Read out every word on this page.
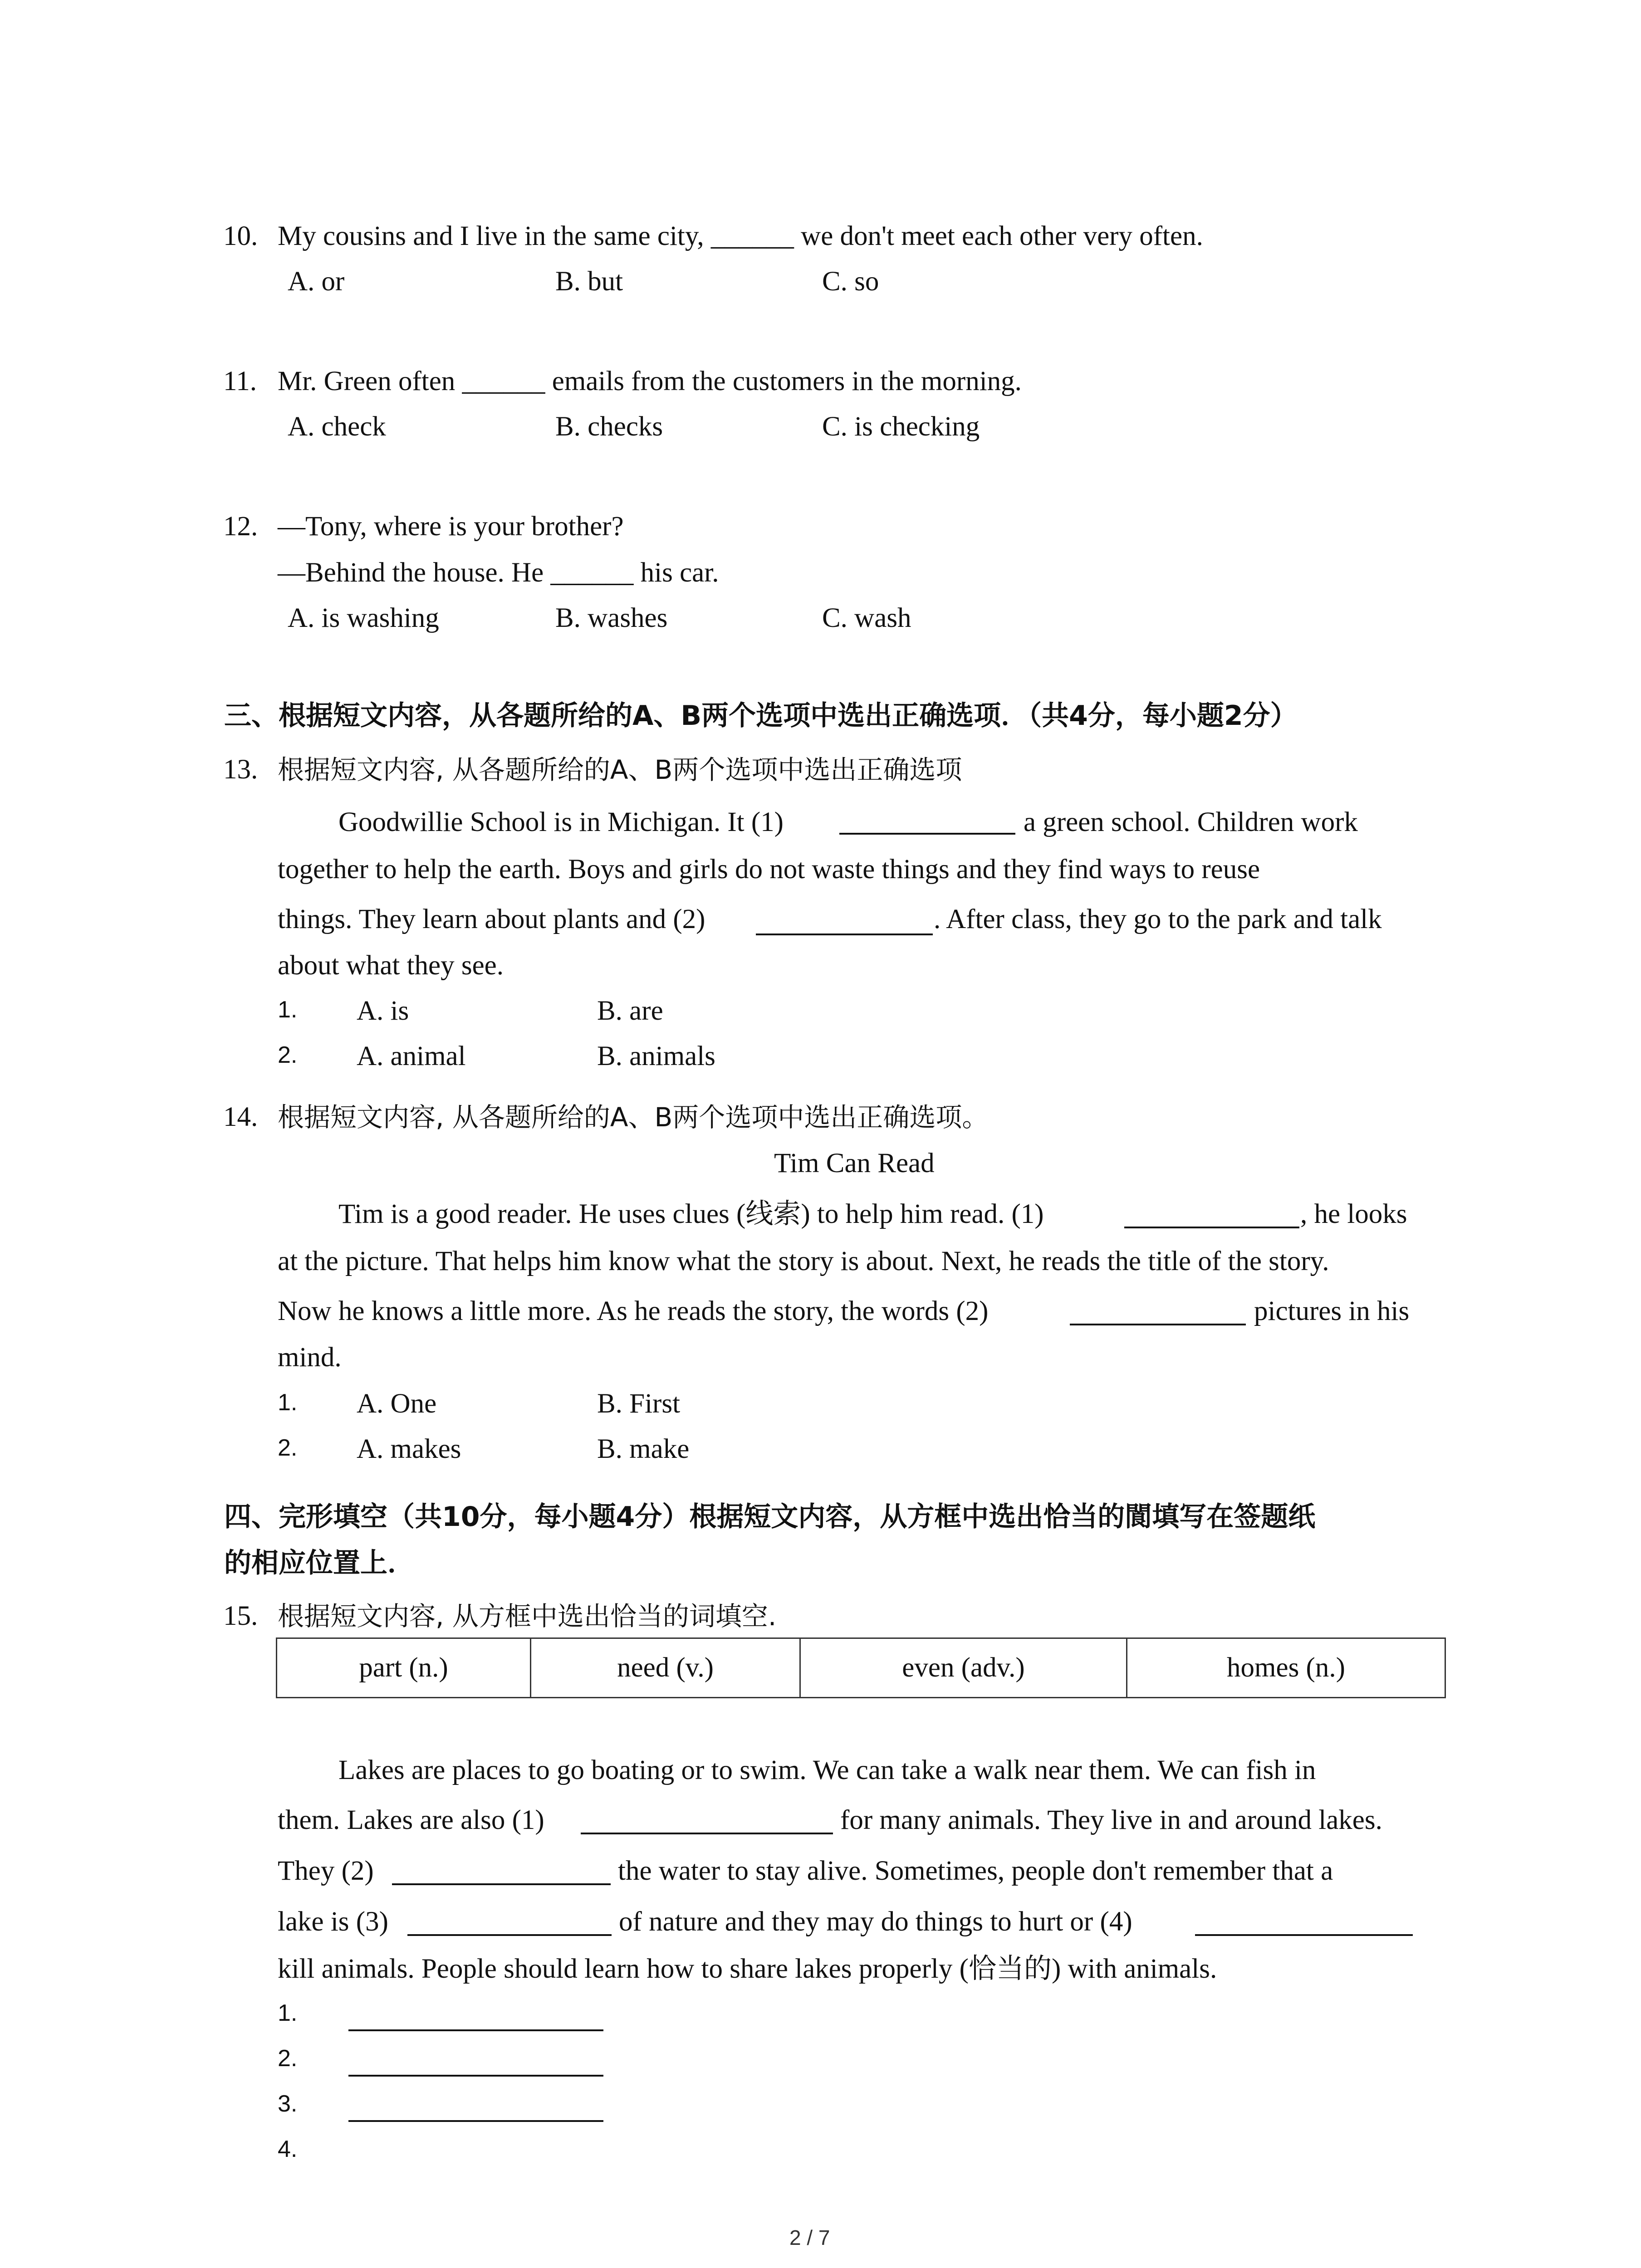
10. My cousins and I live in the same city, ______ we don't meet each other very often.
A. or	B. but	C. so
11. Mr. Green often ______ emails from the customers in the morning.
A. check	B. checks	C. is checking
12. —Tony, where is your brother?
—Behind the house. He ______ his car.
A. is washing	B. washes	C. wash
三、根据短文内容，从各题所给的A、B两个选项中选出正确选项．（共4分，每小题2分）
13. 根据短文内容, 从各题所给的A、B两个选项中选出正确选项
Goodwillie School is in Michigan. It (1)	a green school. Children work
together to help the earth. Boys and girls do not waste things and they find ways to reuse
things. They learn about plants and (2)	. After class, they go to the park and talk
about what they see.
1. A. is	B. are
2. A. animal	B. animals
14. 根据短文内容, 从各题所给的A、B两个选项中选出正确选项。
Tim Can Read
Tim is a good reader. He uses clues (线索) to help him read. (1)	, he looks
at the picture. That helps him know what the story is about. Next, he reads the title of the story.
Now he knows a little more. As he reads the story, the words (2)	pictures in his
mind.
1. A. One	B. First
2. A. makes	B. make
四、完形填空（共10分，每小题4分）根据短文内容，从方框中选出恰当的閬填写在签题纸
的相应位置上．
15. 根据短文内容, 从方框中选出恰当的词填空.
part (n.)	need (v.)	even (adv.)	homes (n.)
Lakes are places to go boating or to swim. We can take a walk near them. We can fish in
them. Lakes are also (1)	for many animals. They live in and around lakes.
They (2)	the water to stay alive. Sometimes, people don't remember that a
lake is (3)	of nature and they may do things to hurt or (4)
kill animals. People should learn how to share lakes properly (恰当的) with animals.
1.
2.
3.
4.
2 / 7
